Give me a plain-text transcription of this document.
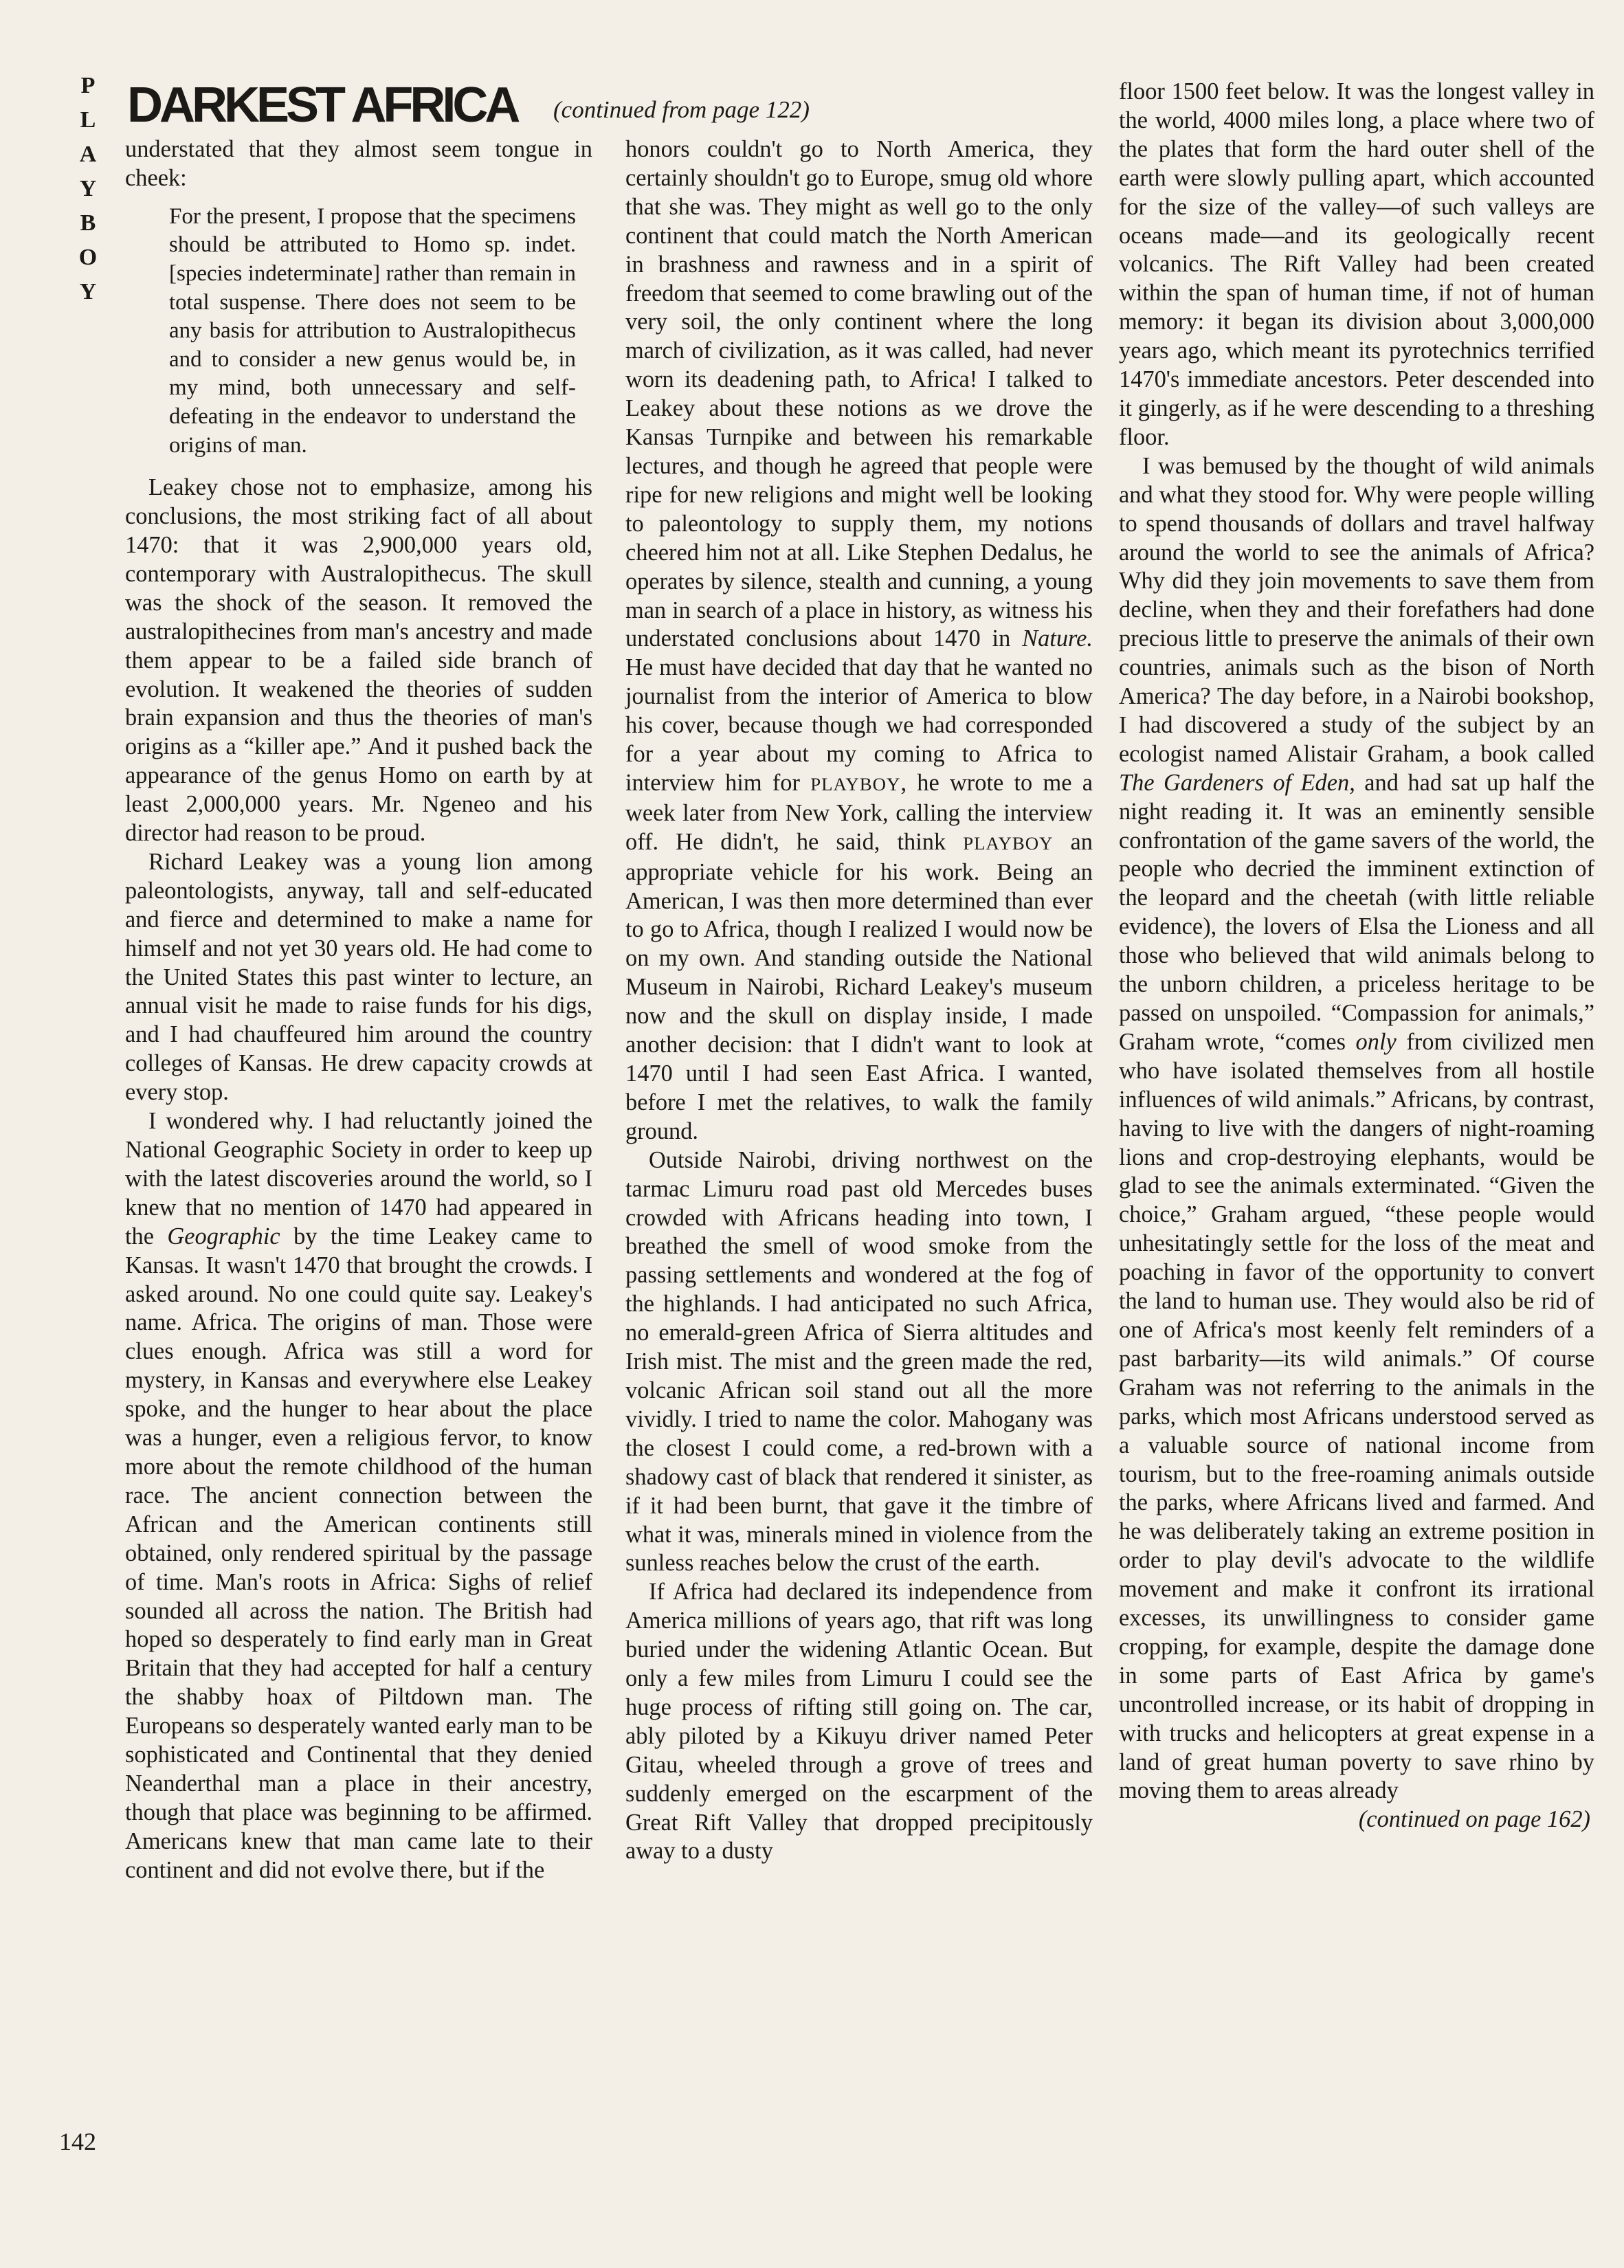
P
L
A
Y
B
O
Y
DARKEST AFRICA (continued from page 122)

understated that they almost seem tongue in cheek:

For the present, I propose that the specimens should be attributed to Homo sp. indet. [species indeterminate] rather than remain in total suspense. There does not seem to be any basis for attribution to Australopithecus and to consider a new genus would be, in my mind, both unnecessary and self-defeating in the endeavor to understand the origins of man.

Leakey chose not to emphasize, among his conclusions, the most striking fact of all about 1470: that it was 2,900,000 years old, contemporary with Australopithecus. The skull was the shock of the season. It removed the australopithecines from man's ancestry and made them appear to be a failed side branch of evolution. It weakened the theories of sudden brain expansion and thus the theories of man's origins as a “killer ape.” And it pushed back the appearance of the genus Homo on earth by at least 2,000,000 years. Mr. Ngeneo and his director had reason to be proud.

Richard Leakey was a young lion among paleontologists, anyway, tall and self-educated and fierce and determined to make a name for himself and not yet 30 years old. He had come to the United States this past winter to lecture, an annual visit he made to raise funds for his digs, and I had chauffeured him around the country colleges of Kansas. He drew capacity crowds at every stop.

I wondered why. I had reluctantly joined the National Geographic Society in order to keep up with the latest discoveries around the world, so I knew that no mention of 1470 had appeared in the Geographic by the time Leakey came to Kansas. It wasn't 1470 that brought the crowds. I asked around. No one could quite say. Leakey's name. Africa. The origins of man. Those were clues enough. Africa was still a word for mystery, in Kansas and everywhere else Leakey spoke, and the hunger to hear about the place was a hunger, even a religious fervor, to know more about the remote childhood of the human race. The ancient connection between the African and the American continents still obtained, only rendered spiritual by the passage of time. Man's roots in Africa: Sighs of relief sounded all across the nation. The British had hoped so desperately to find early man in Great Britain that they had accepted for half a century the shabby hoax of Piltdown man. The Europeans so desperately wanted early man to be sophisticated and Continental that they denied Neanderthal man a place in their ancestry, though that place was beginning to be affirmed. Americans knew that man came late to their continent and did not evolve there, but if the

honors couldn't go to North America, they certainly shouldn't go to Europe, smug old whore that she was. They might as well go to the only continent that could match the North American in brashness and rawness and in a spirit of freedom that seemed to come brawling out of the very soil, the only continent where the long march of civilization, as it was called, had never worn its deadening path, to Africa! I talked to Leakey about these notions as we drove the Kansas Turnpike and between his remarkable lectures, and though he agreed that people were ripe for new religions and might well be looking to paleontology to supply them, my notions cheered him not at all. Like Stephen Dedalus, he operates by silence, stealth and cunning, a young man in search of a place in history, as witness his understated conclusions about 1470 in Nature. He must have decided that day that he wanted no journalist from the interior of America to blow his cover, because though we had corresponded for a year about my coming to Africa to interview him for PLAYBOY, he wrote to me a week later from New York, calling the interview off. He didn't, he said, think PLAYBOY an appropriate vehicle for his work. Being an American, I was then more determined than ever to go to Africa, though I realized I would now be on my own. And standing outside the National Museum in Nairobi, Richard Leakey's museum now and the skull on display inside, I made another decision: that I didn't want to look at 1470 until I had seen East Africa. I wanted, before I met the relatives, to walk the family ground.

Outside Nairobi, driving northwest on the tarmac Limuru road past old Mercedes buses crowded with Africans heading into town, I breathed the smell of wood smoke from the passing settlements and wondered at the fog of the highlands. I had anticipated no such Africa, no emerald-green Africa of Sierra altitudes and Irish mist. The mist and the green made the red, volcanic African soil stand out all the more vividly. I tried to name the color. Mahogany was the closest I could come, a red-brown with a shadowy cast of black that rendered it sinister, as if it had been burnt, that gave it the timbre of what it was, minerals mined in violence from the sunless reaches below the crust of the earth.

If Africa had declared its independence from America millions of years ago, that rift was long buried under the widening Atlantic Ocean. But only a few miles from Limuru I could see the huge process of rifting still going on. The car, ably piloted by a Kikuyu driver named Peter Gitau, wheeled through a grove of trees and suddenly emerged on the escarpment of the Great Rift Valley that dropped precipitously away to a dusty

floor 1500 feet below. It was the longest valley in the world, 4000 miles long, a place where two of the plates that form the hard outer shell of the earth were slowly pulling apart, which accounted for the size of the valley—of such valleys are oceans made—and its geologically recent volcanics. The Rift Valley had been created within the span of human time, if not of human memory: it began its division about 3,000,000 years ago, which meant its pyrotechnics terrified 1470's immediate ancestors. Peter descended into it gingerly, as if he were descending to a threshing floor.

I was bemused by the thought of wild animals and what they stood for. Why were people willing to spend thousands of dollars and travel halfway around the world to see the animals of Africa? Why did they join movements to save them from decline, when they and their forefathers had done precious little to preserve the animals of their own countries, animals such as the bison of North America? The day before, in a Nairobi bookshop, I had discovered a study of the subject by an ecologist named Alistair Graham, a book called The Gardeners of Eden, and had sat up half the night reading it. It was an eminently sensible confrontation of the game savers of the world, the people who decried the imminent extinction of the leopard and the cheetah (with little reliable evidence), the lovers of Elsa the Lioness and all those who believed that wild animals belong to the unborn children, a priceless heritage to be passed on unspoiled. “Compassion for animals,” Graham wrote, “comes only from civilized men who have isolated themselves from all hostile influences of wild animals.” Africans, by contrast, having to live with the dangers of night-roaming lions and crop-destroying elephants, would be glad to see the animals exterminated. “Given the choice,” Graham argued, “these people would unhesitatingly settle for the loss of the meat and poaching in favor of the opportunity to convert the land to human use. They would also be rid of one of Africa's most keenly felt reminders of a past barbarity—its wild animals.” Of course Graham was not referring to the animals in the parks, which most Africans understood served as a valuable source of national income from tourism, but to the free-roaming animals outside the parks, where Africans lived and farmed. And he was deliberately taking an extreme position in order to play devil's advocate to the wildlife movement and make it confront its irrational excesses, its unwillingness to consider game cropping, for example, despite the damage done in some parts of East Africa by game's uncontrolled increase, or its habit of dropping in with trucks and helicopters at great expense in a land of great human poverty to save rhino by moving them to areas already

(continued on page 162)

142
